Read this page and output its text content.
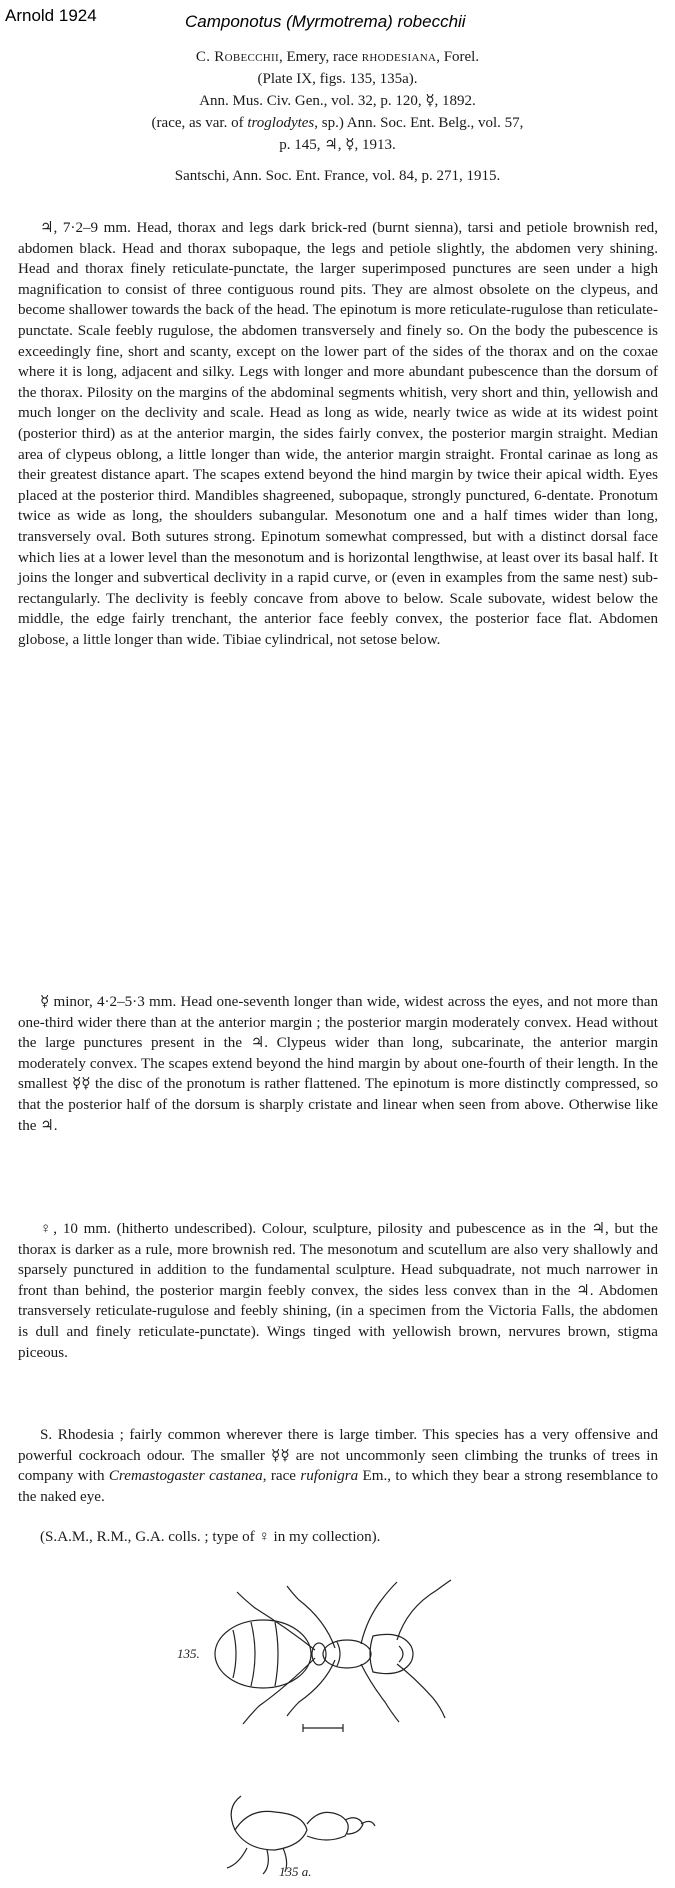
Arnold 1924	Camponotus (Myrmotrema) robecchii
C. Robecchii, Emery, race rhodesiana, Forel.
(Plate IX, figs. 135, 135a).
Ann. Mus. Civ. Gen., vol. 32, p. 120, ☿, 1892.
(race, as var. of troglodytes, sp.) Ann. Soc. Ent. Belg., vol. 57,
p. 145, ♃, ☿, 1913.
Santschi, Ann. Soc. Ent. France, vol. 84, p. 271, 1915.

♃, 7·2–9 mm. Head, thorax and legs dark brick-red (burnt sienna), tarsi and petiole brownish red, abdomen black. Head and thorax subopaque, the legs and petiole slightly, the abdomen very shining. Head and thorax finely reticulate-punctate, the larger superimposed punctures are seen under a high magnification to consist of three contiguous round pits. They are almost obsolete on the clypeus, and become shallower towards the back of the head. The epinotum is more reticulate-rugulose than reticulate-punctate. Scale feebly rugulose, the abdomen transversely and finely so. On the body the pubescence is exceedingly fine, short and scanty, except on the lower part of the sides of the thorax and on the coxae where it is long, adjacent and silky. Legs with longer and more abundant pubescence than the dorsum of the thorax. Pilosity on the margins of the abdominal segments whitish, very short and thin, yellowish and much longer on the declivity and scale. Head as long as wide, nearly twice as wide at its widest point (posterior third) as at the anterior margin, the sides fairly convex, the posterior margin straight. Median area of clypeus oblong, a little longer than wide, the anterior margin straight. Frontal carinae as long as their greatest distance apart. The scapes extend beyond the hind margin by twice their apical width. Eyes placed at the posterior third. Mandibles shagreened, subopaque, strongly punctured, 6-dentate. Pronotum twice as wide as long, the shoulders subangular. Mesonotum one and a half times wider than long, transversely oval. Both sutures strong. Epinotum somewhat compressed, but with a distinct dorsal face which lies at a lower level than the mesonotum and is horizontal lengthwise, at least over its basal half. It joins the longer and subvertical declivity in a rapid curve, or (even in examples from the same nest) sub-rectangularly. The declivity is feebly concave from above to below. Scale subovate, widest below the middle, the edge fairly trenchant, the anterior face feebly convex, the posterior face flat. Abdomen globose, a little longer than wide. Tibiae cylindrical, not setose below.

☿ minor, 4·2–5·3 mm. Head one-seventh longer than wide, widest across the eyes, and not more than one-third wider there than at the anterior margin ; the posterior margin moderately convex. Head without the large punctures present in the ♃. Clypeus wider than long, subcarinate, the anterior margin moderately convex. The scapes extend beyond the hind margin by about one-fourth of their length. In the smallest ☿☿ the disc of the pronotum is rather flattened. The epinotum is more distinctly compressed, so that the posterior half of the dorsum is sharply cristate and linear when seen from above. Otherwise like the ♃.

♀, 10 mm. (hitherto undescribed). Colour, sculpture, pilosity and pubescence as in the ♃, but the thorax is darker as a rule, more brownish red. The mesonotum and scutellum are also very shallowly and sparsely punctured in addition to the fundamental sculpture. Head subquadrate, not much narrower in front than behind, the posterior margin feebly convex, the sides less convex than in the ♃. Abdomen transversely reticulate-rugulose and feebly shining, (in a specimen from the Victoria Falls, the abdomen is dull and finely reticulate-punctate). Wings tinged with yellowish brown, nervures brown, stigma piceous.

S. Rhodesia ; fairly common wherever there is large timber. This species has a very offensive and powerful cockroach odour. The smaller ☿☿ are not uncommonly seen climbing the trunks of trees in company with Cremastogaster castanea, race rufonigra Em., to which they bear a strong resemblance to the naked eye.

(S.A.M., R.M., G.A. colls. ; type of ♀ in my collection).

135.
135 a.
